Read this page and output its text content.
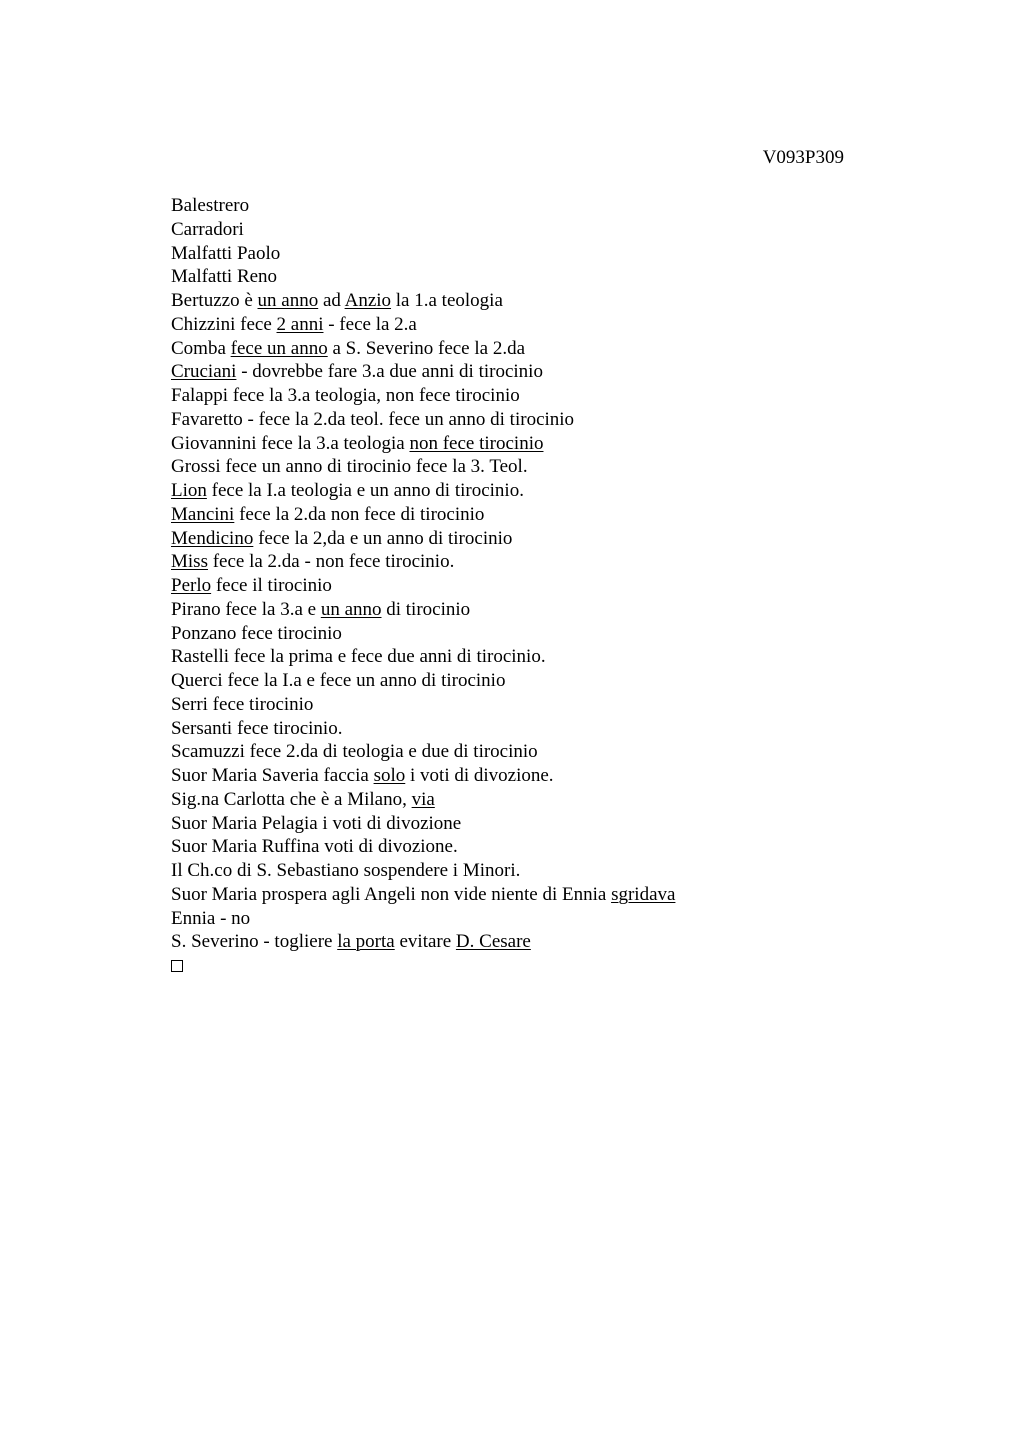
V093P309
Balestrero
Carradori
Malfatti Paolo
Malfatti Reno
Bertuzzo è un anno ad Anzio la 1.a teologia
Chizzini fece 2 anni - fece la 2.a
Comba fece un anno a S. Severino fece la 2.da
Cruciani - dovrebbe fare 3.a due anni di tirocinio
Falappi fece la 3.a teologia, non fece tirocinio
Favaretto - fece la 2.da teol. fece un anno di tirocinio
Giovannini fece la 3.a teologia non fece tirocinio
Grossi fece un anno di tirocinio fece la 3. Teol.
Lion fece la I.a teologia e un anno di tirocinio.
Mancini fece la 2.da non fece di tirocinio
Mendicino fece la 2,da e un anno di tirocinio
Miss fece la 2.da - non fece tirocinio.
Perlo fece il tirocinio
Pirano fece la 3.a e un anno di tirocinio
Ponzano fece tirocinio
Rastelli fece la prima e fece due anni di tirocinio.
Querci fece la I.a e fece un anno di tirocinio
Serri fece tirocinio
Sersanti fece tirocinio.
Scamuzzi fece 2.da di teologia e due di tirocinio
Suor Maria Saveria faccia solo i voti di divozione.
Sig.na Carlotta che è a Milano, via
Suor Maria Pelagia i voti di divozione
Suor Maria Ruffina voti di divozione.
Il Ch.co di S. Sebastiano sospendere i Minori.
Suor Maria prospera agli Angeli non vide niente di Ennia sgridava
Ennia - no
S. Severino - togliere la porta evitare D. Cesare
